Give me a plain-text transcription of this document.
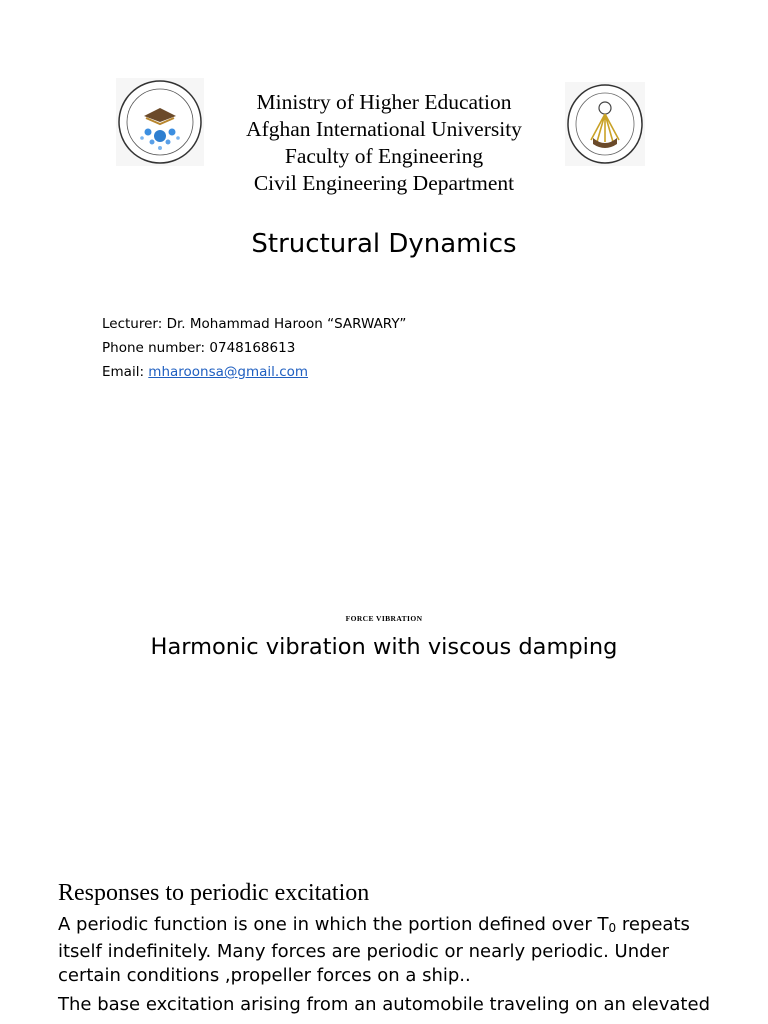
Ministry of Higher Education
Afghan International University
Faculty of Engineering
Civil Engineering Department
Structural Dynamics
Lecturer: Dr. Mohammad Haroon “SARWARY”
Phone number: 0748168613
Email: mharoonsa@gmail.com
FORCE VIBRATION
Harmonic vibration with viscous damping
Responses to periodic excitation
A periodic function is one in which the portion defined over $T_0$ repeats itself indefinitely. Many forces are periodic or nearly periodic. Under certain conditions ,propeller forces on a ship..
The base excitation arising from an automobile traveling on an elevated
